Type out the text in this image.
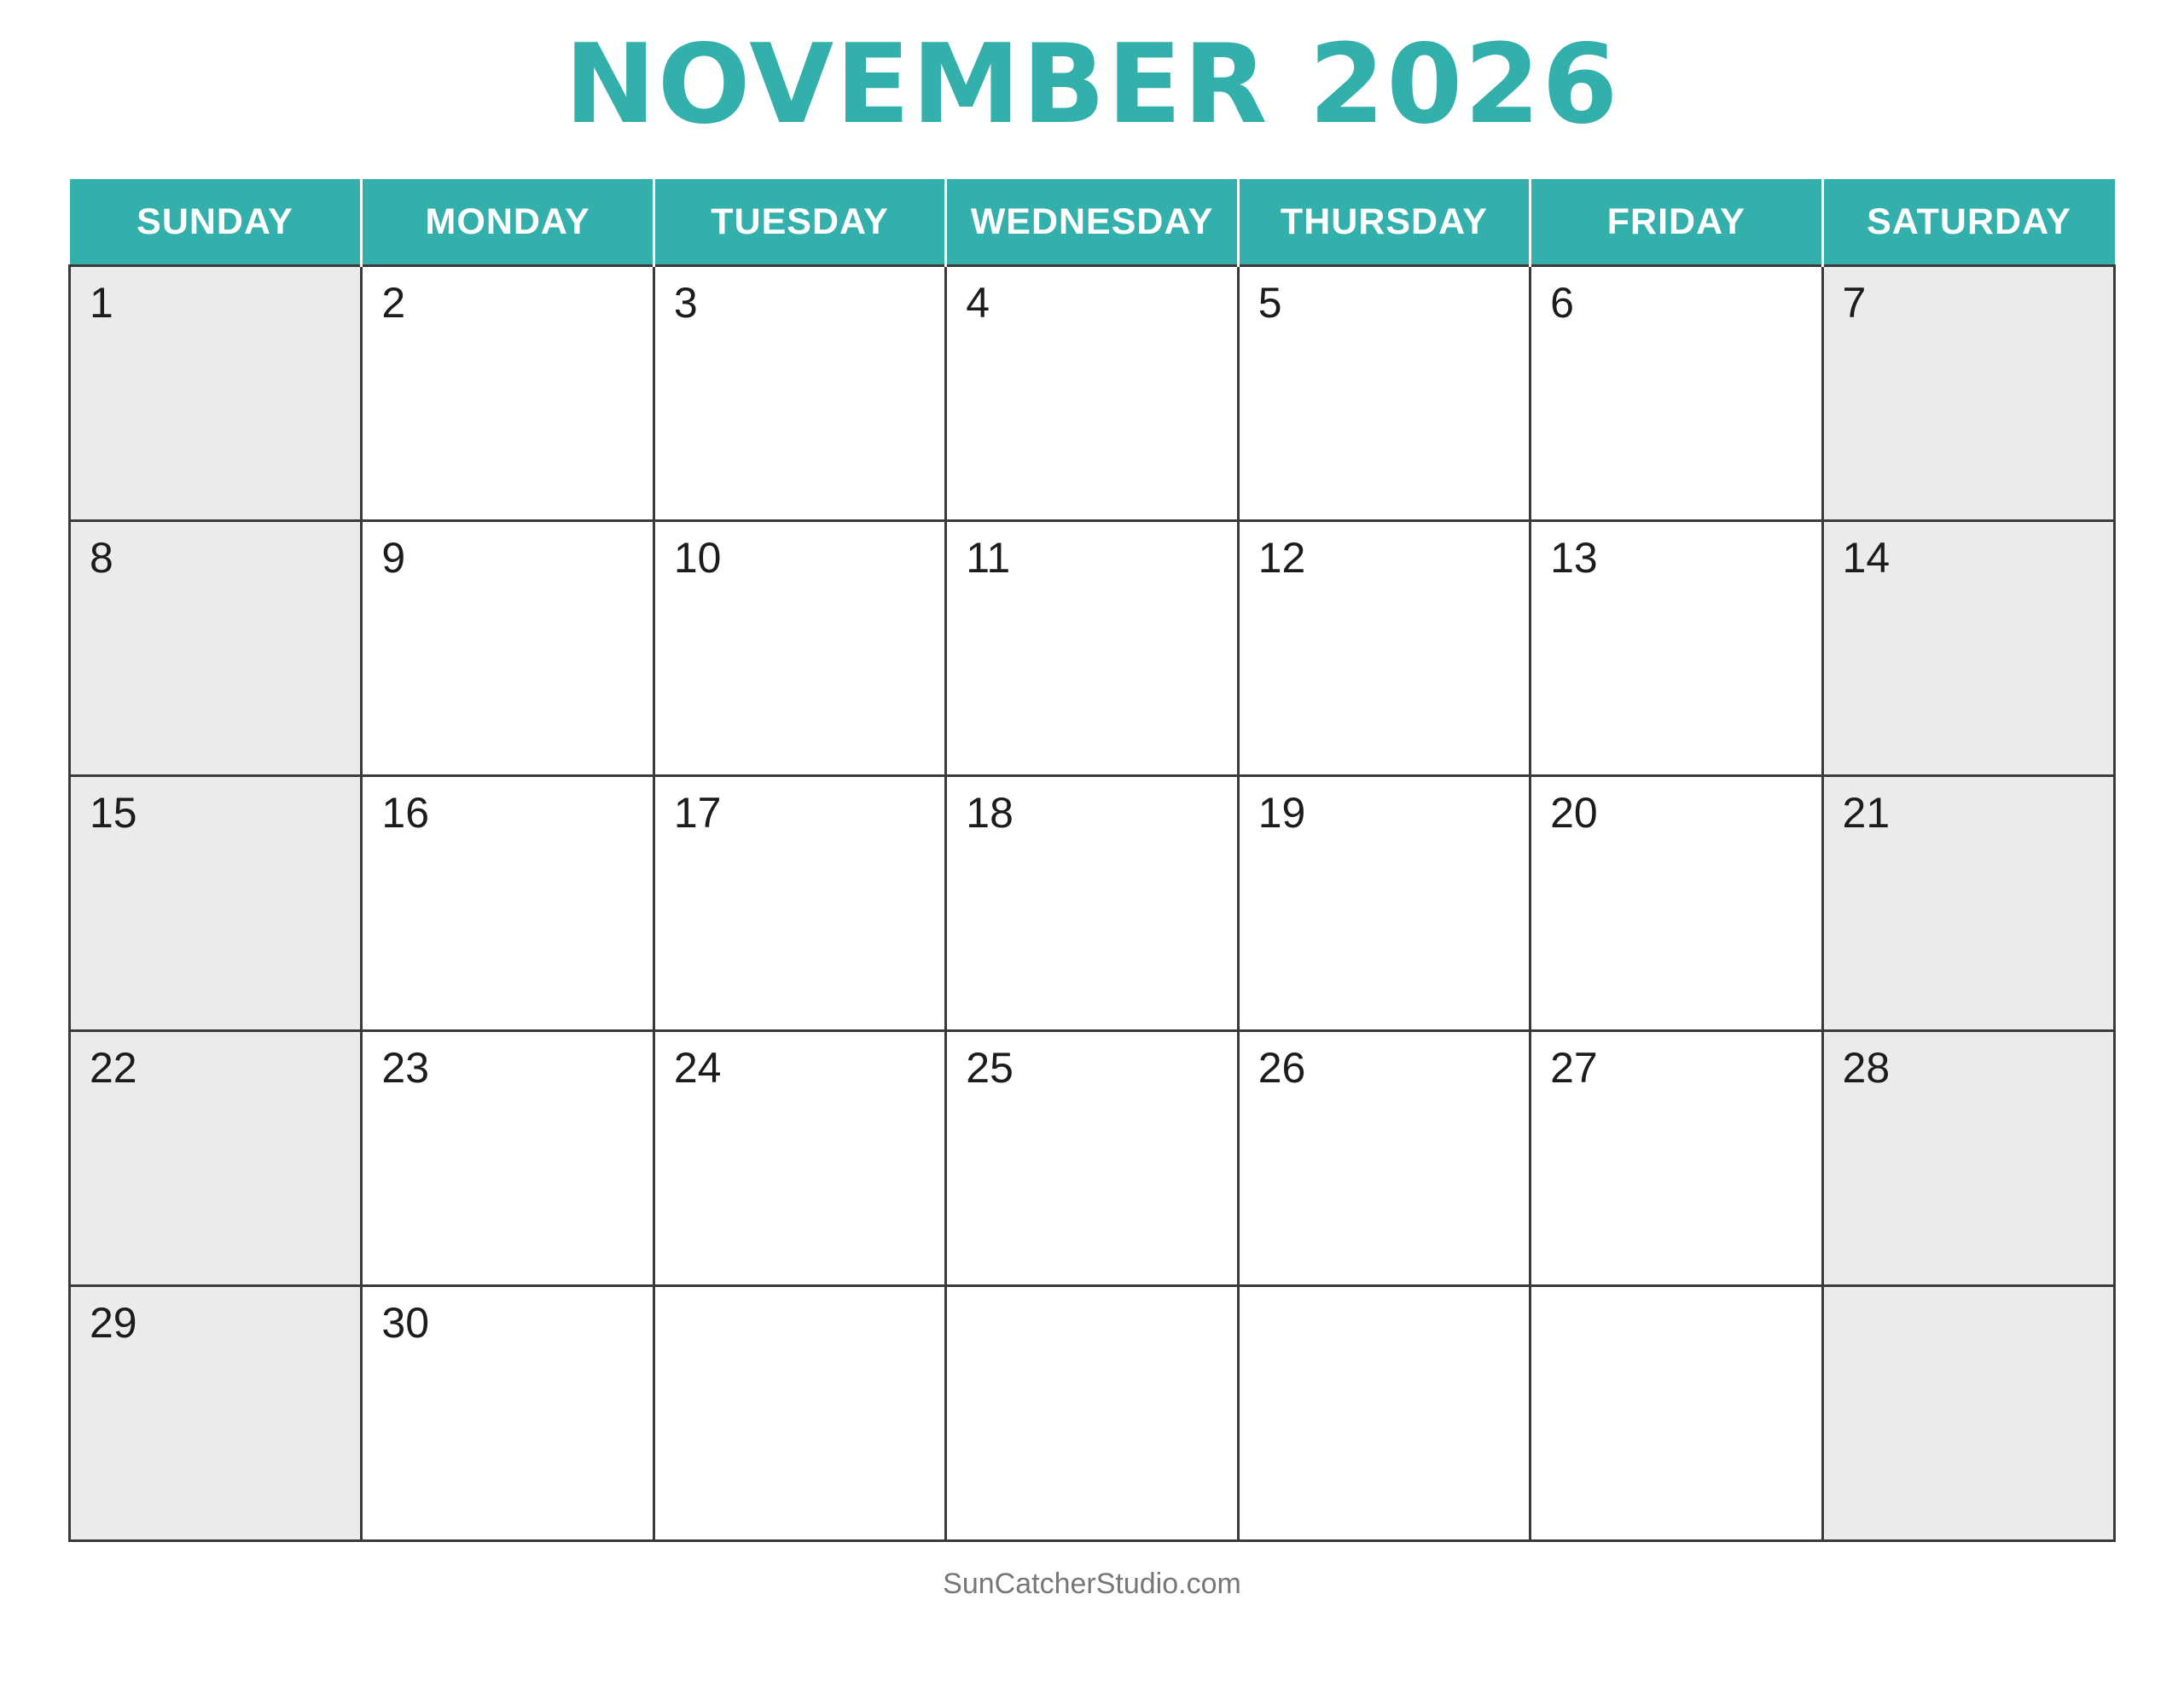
NOVEMBER 2026
SUNDAY	MONDAY	TUESDAY	WEDNESDAY	THURSDAY	FRIDAY	SATURDAY

1	2	3	4	5	6	7

8	9	10	11	12	13	14

15	16	17	18	19	20	21

22	23	24	25	26	27	28

29	30					

SunCatcherStudio.com
